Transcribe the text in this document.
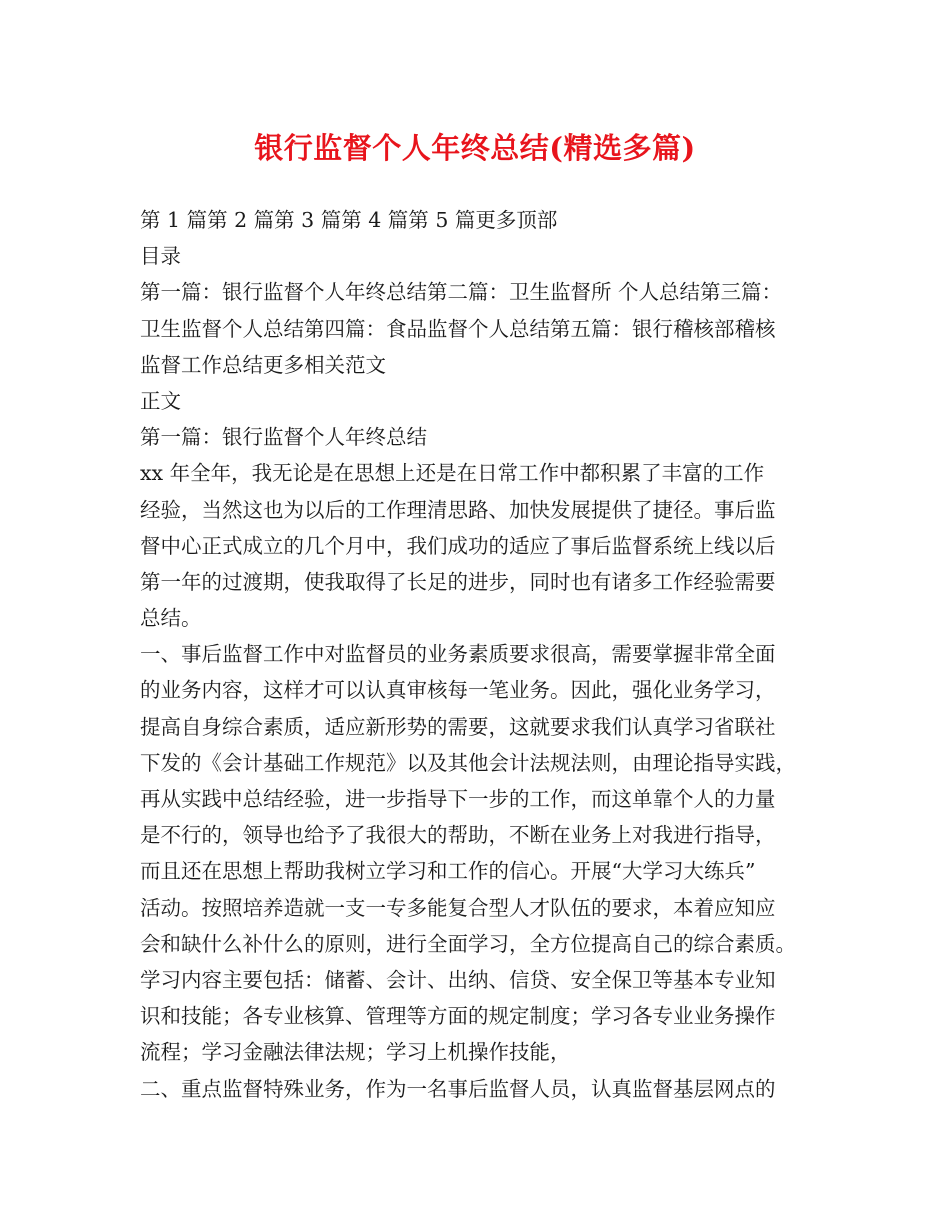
银行监督个人年终总结(精选多篇)
第 1 篇第 2 篇第 3 篇第 4 篇第 5 篇更多顶部
目录
第一篇：银行监督个人年终总结第二篇：卫生监督所 个人总结第三篇：
卫生监督个人总结第四篇：食品监督个人总结第五篇：银行稽核部稽核
监督工作总结更多相关范文
正文
第一篇：银行监督个人年终总结
xx 年全年，我无论是在思想上还是在日常工作中都积累了丰富的工作
经验，当然这也为以后的工作理清思路、加快发展提供了捷径。事后监
督中心正式成立的几个月中，我们成功的适应了事后监督系统上线以后
第一年的过渡期，使我取得了长足的进步，同时也有诸多工作经验需要
总结。
一、事后监督工作中对监督员的业务素质要求很高，需要掌握非常全面
的业务内容，这样才可以认真审核每一笔业务。因此，强化业务学习，
提高自身综合素质，适应新形势的需要，这就要求我们认真学习省联社
下发的《会计基础工作规范》以及其他会计法规法则，由理论指导实践，
再从实践中总结经验，进一步指导下一步的工作，而这单靠个人的力量
是不行的，领导也给予了我很大的帮助，不断在业务上对我进行指导，
而且还在思想上帮助我树立学习和工作的信心。开展“大学习大练兵”
活动。按照培养造就一支一专多能复合型人才队伍的要求，本着应知应
会和缺什么补什么的原则，进行全面学习，全方位提高自己的综合素质。
学习内容主要包括：储蓄、会计、出纳、信贷、安全保卫等基本专业知
识和技能；各专业核算、管理等方面的规定制度；学习各专业业务操作
流程；学习金融法律法规；学习上机操作技能，
二、重点监督特殊业务，作为一名事后监督人员，认真监督基层网点的
